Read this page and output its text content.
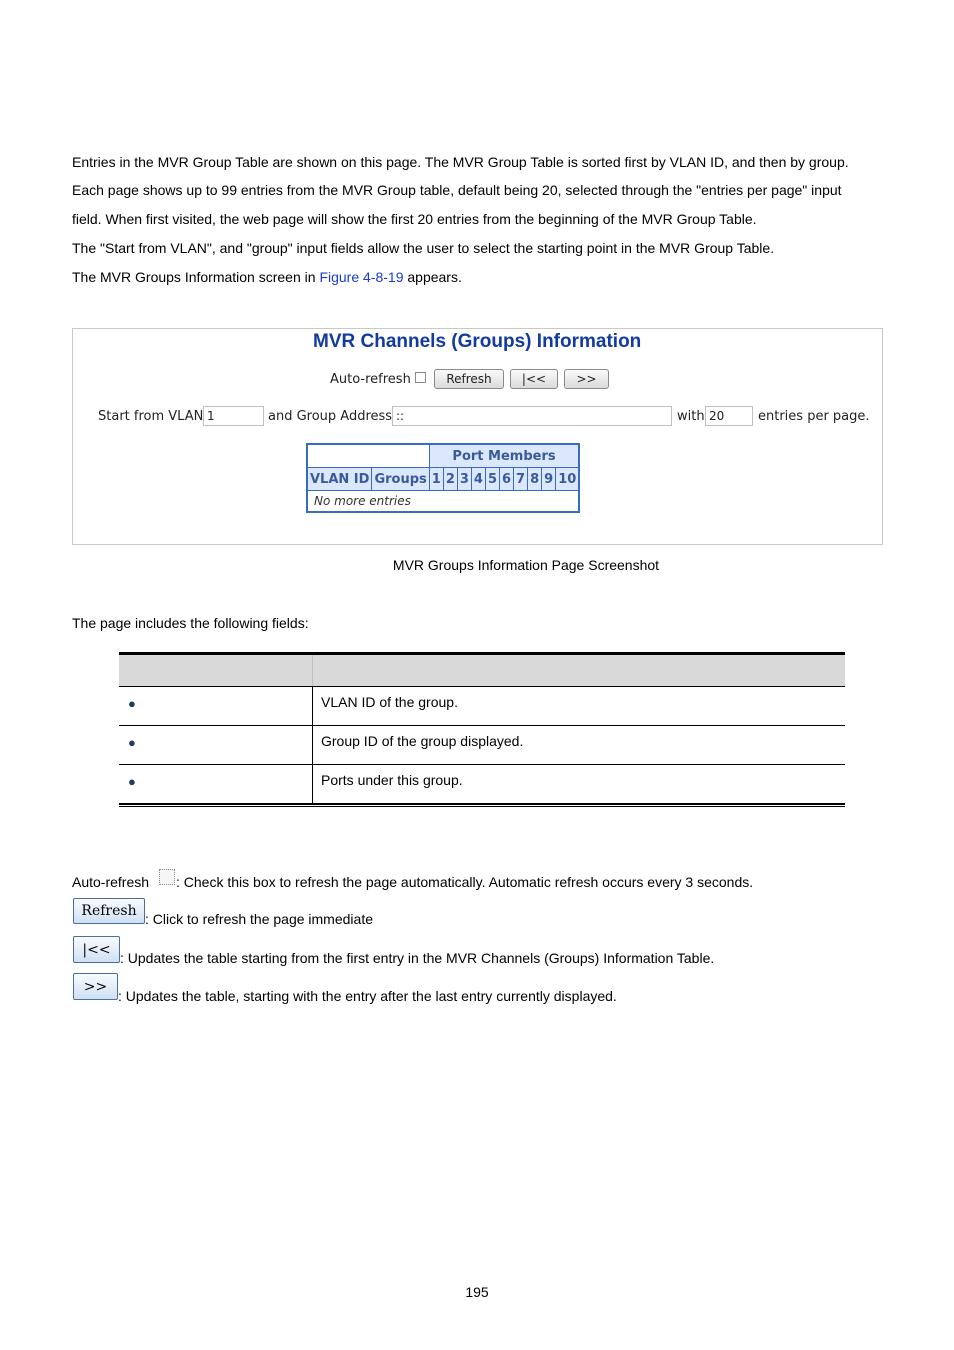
Entries in the MVR Group Table are shown on this page. The MVR Group Table is sorted first by VLAN ID, and then by group.
Each page shows up to 99 entries from the MVR Group table, default being 20, selected through the "entries per page" input
field. When first visited, the web page will show the first 20 entries from the beginning of the MVR Group Table.
The "Start from VLAN", and "group" input fields allow the user to select the starting point in the MVR Group Table.
The MVR Groups Information screen in Figure 4-8-19 appears.
MVR Channels (Groups) Information
Auto-refresh	Refresh	|<<	>>
Start from VLAN 1	and Group Address ::	with 20	entries per page.
		Port Members									
VLAN ID	Groups	1	2	3	4	5	6	7	8	9	10
No more entries											
MVR Groups Information Page Screenshot
The page includes the following fields:
●	VLAN ID of the group.
●	Group ID of the group displayed.
●	Ports under this group.
Auto-refresh : Check this box to refresh the page automatically. Automatic refresh occurs every 3 seconds.
Refresh : Click to refresh the page immediate
|<<
: Updates the table starting from the first entry in the MVR Channels (Groups) Information Table.
>>
: Updates the table, starting with the entry after the last entry currently displayed.
195
